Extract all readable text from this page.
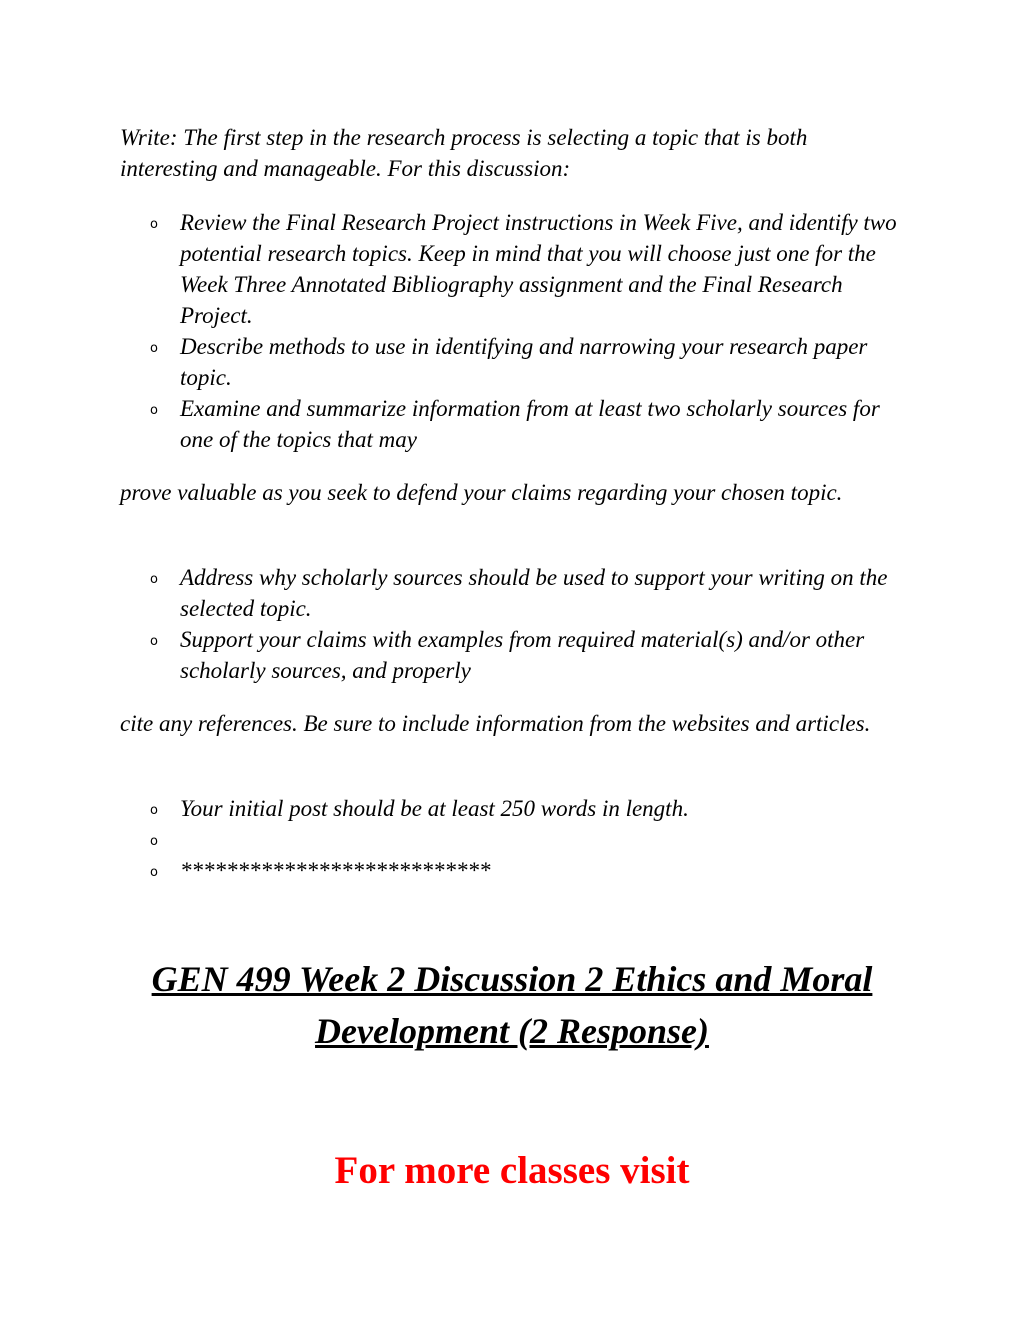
Write: The first step in the research process is selecting a topic that is both interesting and manageable. For this discussion:

o Review the Final Research Project instructions in Week Five, and identify two potential research topics. Keep in mind that you will choose just one for the Week Three Annotated Bibliography assignment and the Final Research Project.
o Describe methods to use in identifying and narrowing your research paper topic.
o Examine and summarize information from at least two scholarly sources for one of the topics that may

prove valuable as you seek to defend your claims regarding your chosen topic.

o Address why scholarly sources should be used to support your writing on the selected topic.
o Support your claims with examples from required material(s) and/or other scholarly sources, and properly

cite any references. Be sure to include information from the websites and articles.

o Your initial post should be at least 250 words in length.
o
o ***************************
GEN 499 Week 2 Discussion 2 Ethics and Moral Development (2 Response)
For more classes visit
